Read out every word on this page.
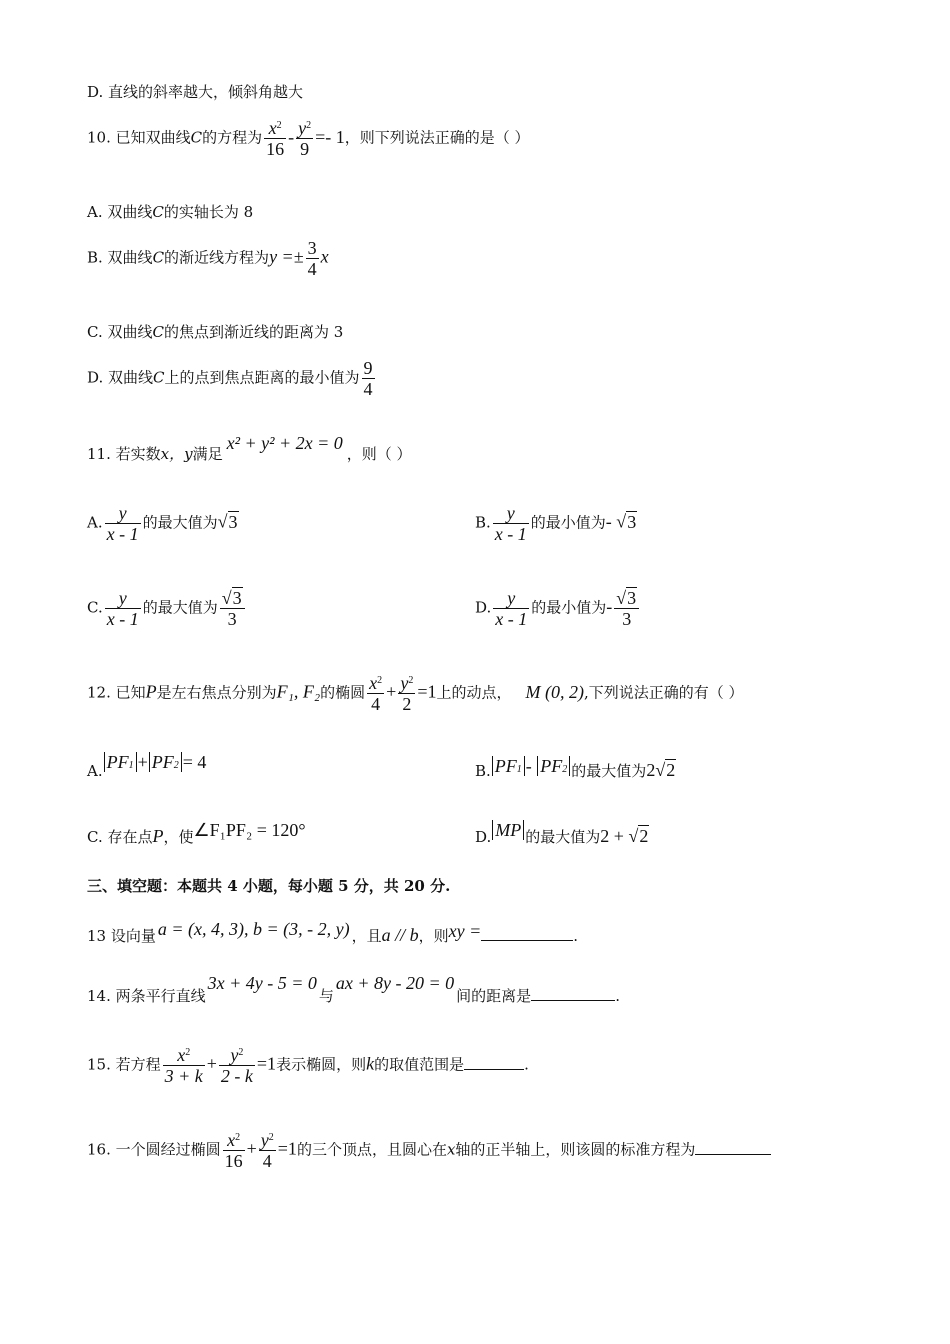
D. 直线的斜率越大，倾斜角越大
10. 已知双曲线C的方程为 $\frac{x^2}{16} - \frac{y^2}{9} =- 1$，则下列说法正确的是（ ）
A. 双曲线C的实轴长为 8
B. 双曲线C的渐近线方程为$y =\pm \frac{3}{4}$ x
C. 双曲线C的焦点到渐近线的距离为 3
D. 双曲线C上的点到焦点距离的最小值为 $\frac{9}{4}$
11. 若实数x，y满足x² + y² + 2x = 0，则（ ）
A. $\frac{y}{x - 1}$ 的最大值为√3	B. $\frac{y}{x - 1}$ 的最小值为- √3
C. $\frac{y}{x - 1}$ 的最大值为 $\frac{√3}{3}$	D. $\frac{y}{x - 1}$ 的最小值为- $\frac{√3}{3}$
12. 已知P是左右焦点分别为F₁, F₂的椭圆 $\frac{x^2}{4} + \frac{y^2}{2} =1$上的动点， M (0, 2),下列说法正确的有（ ）
A. PF1 + PF2 = 4	B. PF1 - PF2 的最大值为2√2
C. 存在点P，使∠F₁PF₂ = 120°	D. MP 的最大值为2 + √2
三、填空题：本题共 4 小题，每小题 5 分，共 20 分.
13 设向量 a = (x, 4, 3), b = (3, - 2, y) ，且a // b，则xy =	.
14. 两条平行直线3x + 4y - 5 = 0与ax + 8y - 20 = 0间的距离是	.
15. 若方程 $\frac{x^2}{3 + k} + \frac{y^2}{2 - k} =1$表示椭圆，则k的取值范围是	.
16. 一个圆经过椭圆 $\frac{x^2}{16} + \frac{y^2}{4} =1$的三个顶点，且圆心在x轴的正半轴上，则该圆的标准方程为
